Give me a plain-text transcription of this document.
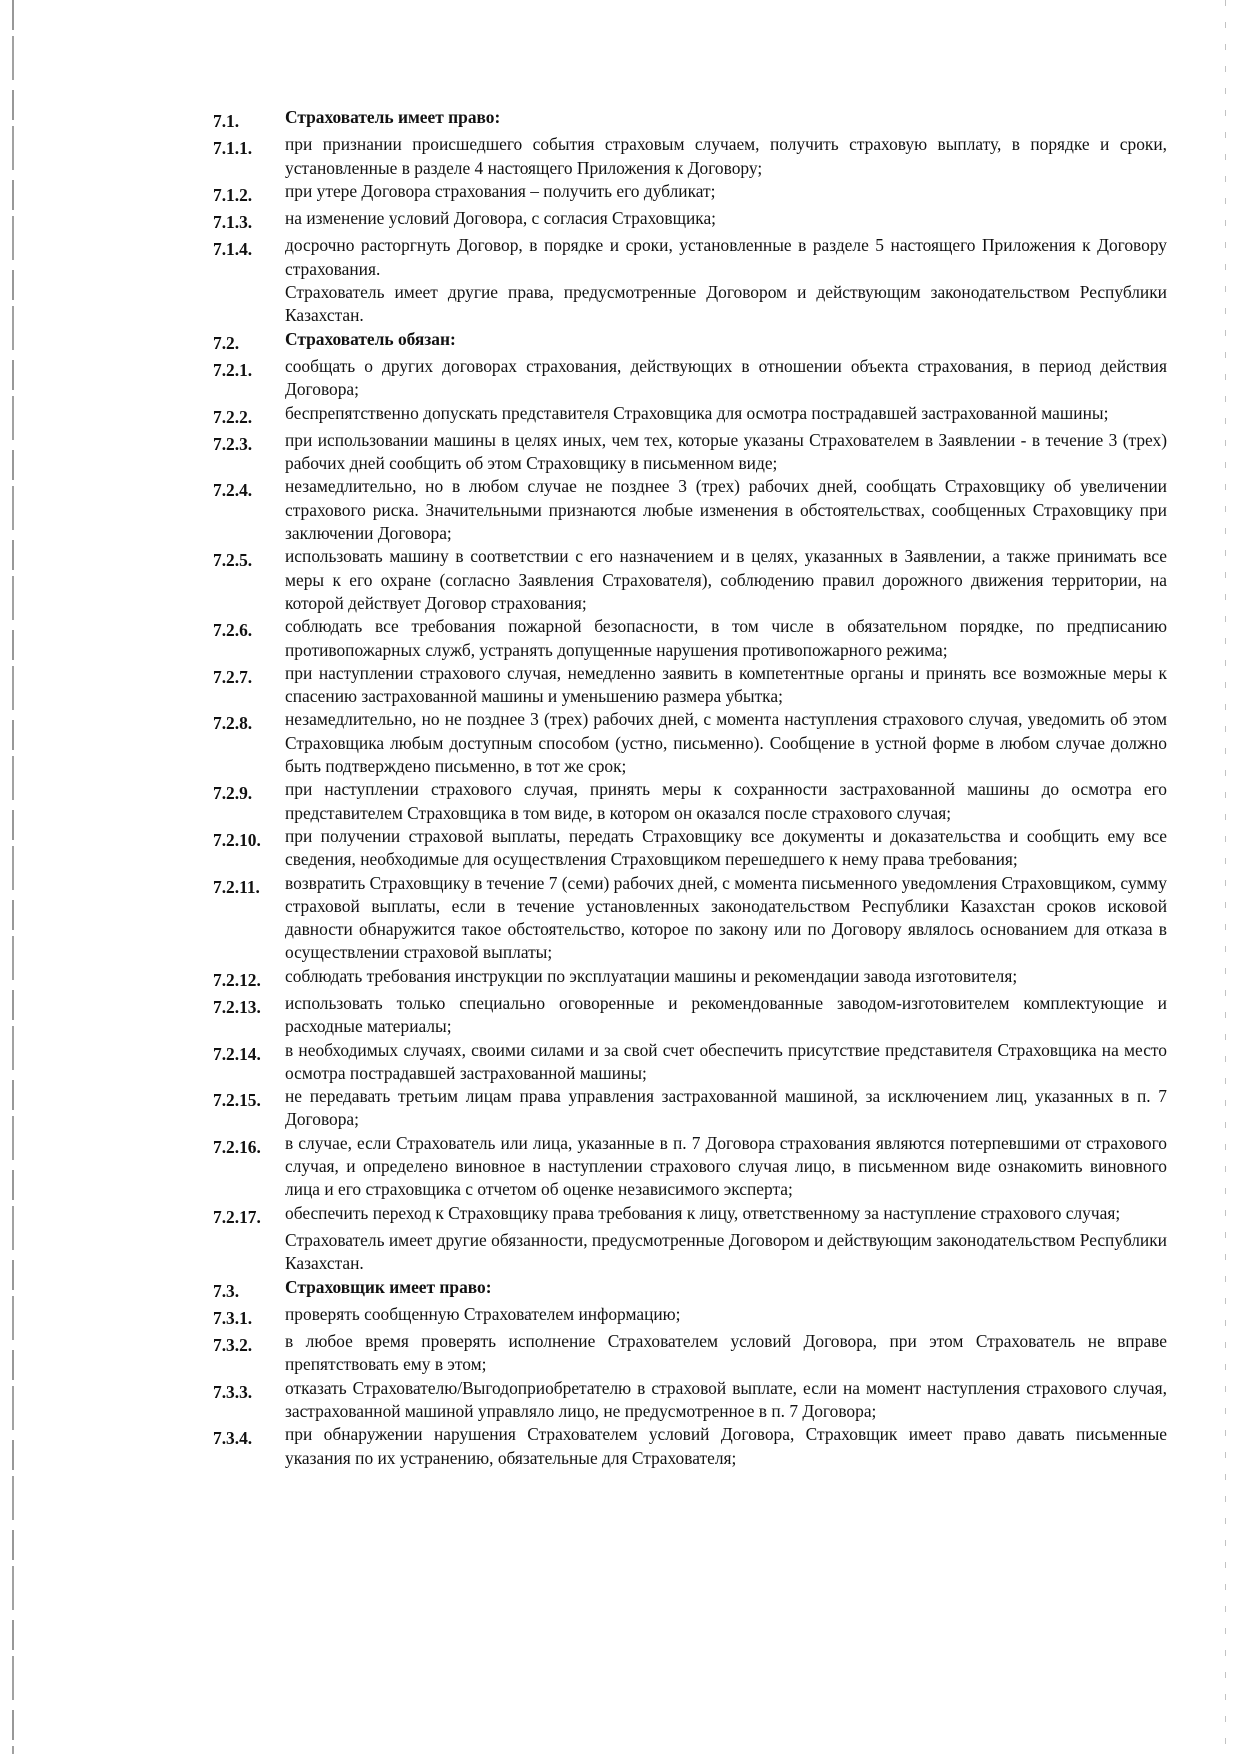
7.1.	Страхователь имеет право:
7.1.1.	при признании происшедшего события страховым случаем, получить страховую выплату, в порядке и сроки, установленные в разделе 4 настоящего Приложения к Договору;
7.1.2.	при утере Договора страхования – получить его дубликат;
7.1.3.	на изменение условий Договора, с согласия Страховщика;
7.1.4.	досрочно расторгнуть Договор, в порядке и сроки, установленные в разделе 5 настоящего Приложения к Договору страхования.
Страхователь имеет другие права, предусмотренные Договором и действующим законодательством Республики Казахстан.
7.2.	Страхователь обязан:
7.2.1.	сообщать о других договорах страхования, действующих в отношении объекта страхования, в период действия Договора;
7.2.2.	беспрепятственно допускать представителя Страховщика для осмотра пострадавшей застрахованной машины;
7.2.3.	при использовании машины в целях иных, чем тех, которые указаны Страхователем в Заявлении - в течение 3 (трех) рабочих дней сообщить об этом Страховщику в письменном виде;
7.2.4.	незамедлительно, но в любом случае не позднее 3 (трех) рабочих дней, сообщать Страховщику об увеличении страхового риска. Значительными признаются любые изменения в обстоятельствах, сообщенных Страховщику при заключении Договора;
7.2.5.	использовать машину в соответствии с его назначением и в целях, указанных в Заявлении, а также принимать все меры к его охране (согласно Заявления Страхователя), соблюдению правил дорожного движения территории, на которой действует Договор страхования;
7.2.6.	соблюдать все требования пожарной безопасности, в том числе в обязательном порядке, по предписанию противопожарных служб, устранять допущенные нарушения противопожарного режима;
7.2.7.	при наступлении страхового случая, немедленно заявить в компетентные органы и принять все возможные меры к спасению застрахованной машины и уменьшению размера убытка;
7.2.8.	незамедлительно, но не позднее 3 (трех) рабочих дней, с момента наступления страхового случая, уведомить об этом Страховщика любым доступным способом (устно, письменно). Сообщение в устной форме в любом случае должно быть подтверждено письменно, в тот же срок;
7.2.9.	при наступлении страхового случая, принять меры к сохранности застрахованной машины до осмотра его представителем Страховщика в том виде, в котором он оказался после страхового случая;
7.2.10.	при получении страховой выплаты, передать Страховщику все документы и доказательства и сообщить ему все сведения, необходимые для осуществления Страховщиком перешедшего к нему права требования;
7.2.11.	возвратить Страховщику в течение 7 (семи) рабочих дней, с момента письменного уведомления Страховщиком, сумму страховой выплаты, если в течение установленных законодательством Республики Казахстан сроков исковой давности обнаружится такое обстоятельство, которое по закону или по Договору являлось основанием для отказа в осуществлении страховой выплаты;
7.2.12.	соблюдать требования инструкции по эксплуатации машины и рекомендации завода изготовителя;
7.2.13.	использовать только специально оговоренные и рекомендованные заводом-изготовителем комплектующие и расходные материалы;
7.2.14.	в необходимых случаях, своими силами и за свой счет обеспечить присутствие представителя Страховщика на место осмотра пострадавшей застрахованной машины;
7.2.15.	не передавать третьим лицам права управления застрахованной машиной, за исключением лиц, указанных в п. 7 Договора;
7.2.16.	в случае, если Страхователь или лица, указанные в п. 7 Договора страхования являются потерпевшими от страхового случая, и определено виновное в наступлении страхового случая лицо, в письменном виде ознакомить виновного лица и его страховщика с отчетом об оценке независимого эксперта;
7.2.17.	обеспечить переход к Страховщику права требования к лицу, ответственному за наступление страхового случая;
Страхователь имеет другие обязанности, предусмотренные Договором и действующим законодательством Республики Казахстан.
7.3.	Страховщик имеет право:
7.3.1.	проверять сообщенную Страхователем информацию;
7.3.2.	в любое время проверять исполнение Страхователем условий Договора, при этом Страхователь не вправе препятствовать ему в этом;
7.3.3.	отказать Страхователю/Выгодоприобретателю в страховой выплате, если на момент наступления страхового случая, застрахованной машиной управляло лицо, не предусмотренное в п. 7 Договора;
7.3.4.	при обнаружении нарушения Страхователем условий Договора, Страховщик имеет право давать письменные указания по их устранению, обязательные для Страхователя;
